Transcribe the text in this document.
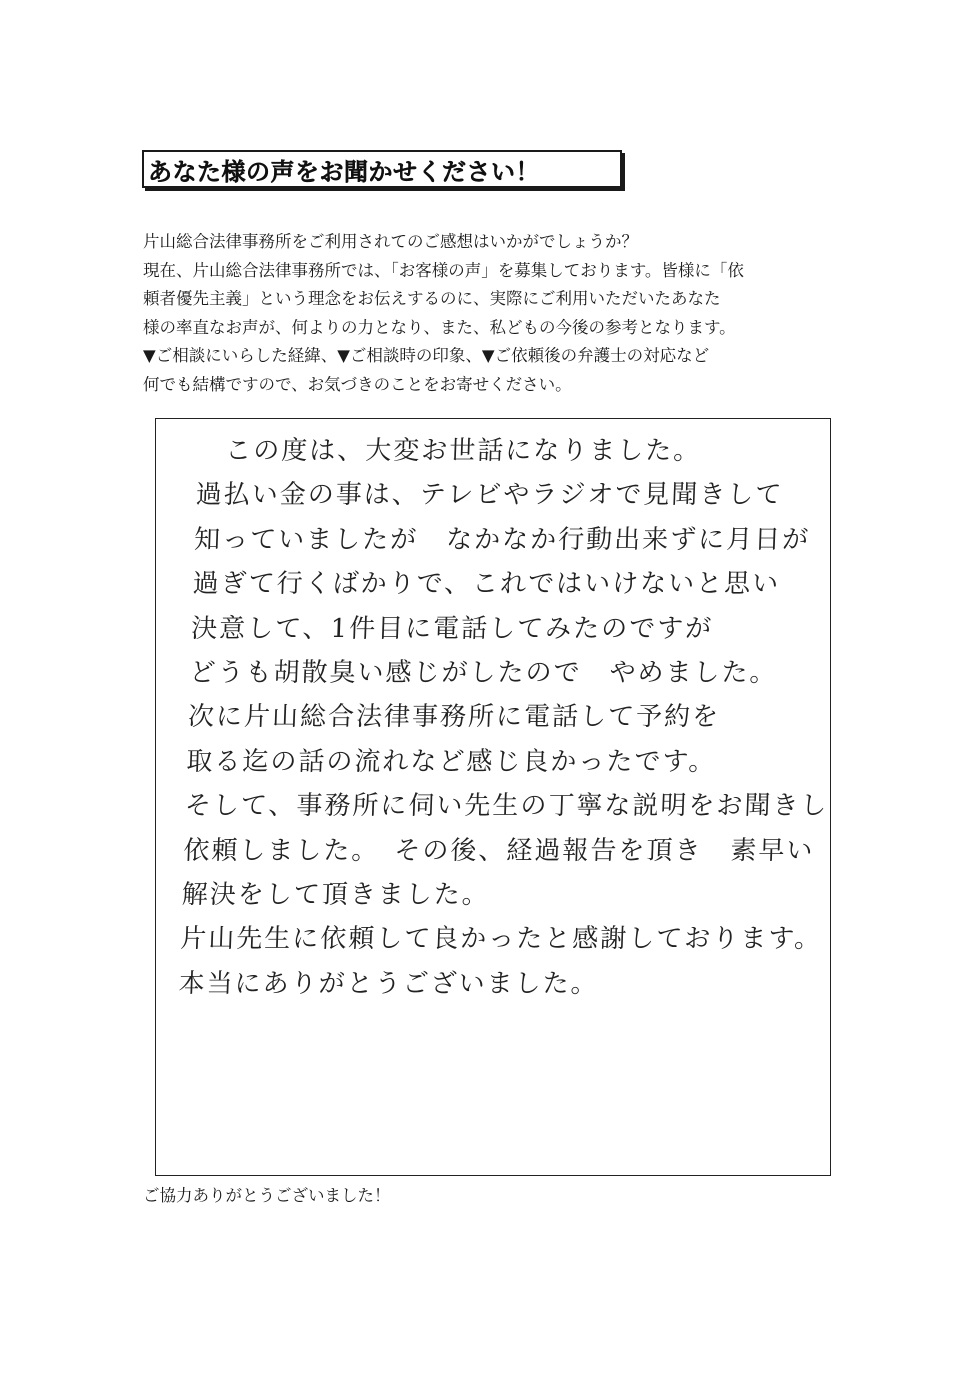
あなた様の声をお聞かせください！
片山総合法律事務所をご利用されてのご感想はいかがでしょうか？
現在、片山総合法律事務所では、「お客様の声」を募集しております。皆様に「依
頼者優先主義」という理念をお伝えするのに、実際にご利用いただいたあなた
様の率直なお声が、何よりの力となり、また、私どもの今後の参考となります。
▼ご相談にいらした経緯、▼ご相談時の印象、▼ご依頼後の弁護士の対応など
何でも結構ですので、お気づきのことをお寄せください。
　この度は、大変お世話になりました。
過払い金の事は、テレビやラジオで見聞きして
知っていましたが　なかなか行動出来ずに月日が
過ぎて行くばかりで、これではいけないと思い
決意して、1件目に電話してみたのですが
どうも胡散臭い感じがしたので　やめました。
次に片山総合法律事務所に電話して予約を
取る迄の話の流れなど感じ良かったです。
そして、事務所に伺い先生の丁寧な説明をお聞きし
依頼しました。　その後、経過報告を頂き　素早い
解決をして頂きました。
片山先生に依頼して良かったと感謝しております。
本当にありがとうございました。
ご協力ありがとうございました！
